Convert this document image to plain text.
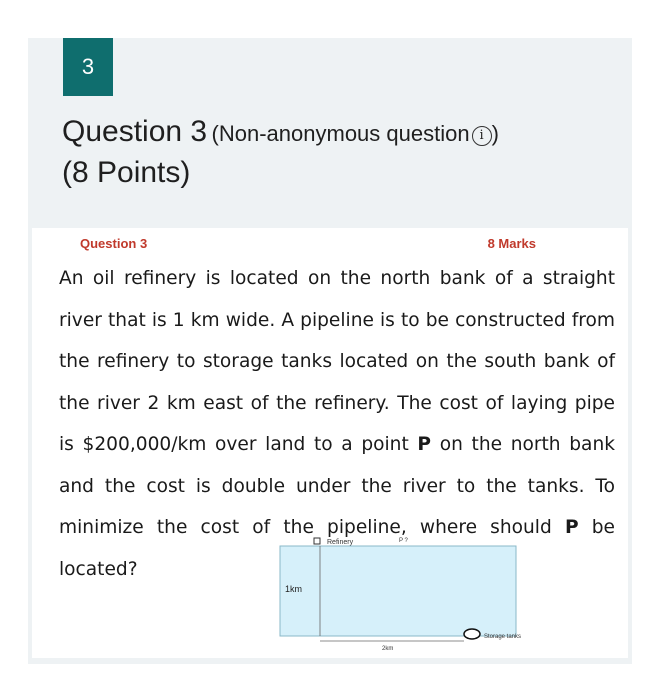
3
Question 3 (Non-anonymous question i )
(8 Points)
Question 3	8 Marks
An oil refinery is located on the north bank of a straight river that is 1 km wide. A pipeline is to be constructed from the refinery to storage tanks located on the south bank of the river 2 km east of the refinery. The cost of laying pipe is $200,000/km over land to a point P on the north bank and the cost is double under the river to the tanks. To minimize the cost of the pipeline, where should P be located?
Refinery	P ?
1km
2km
Storage tanks
